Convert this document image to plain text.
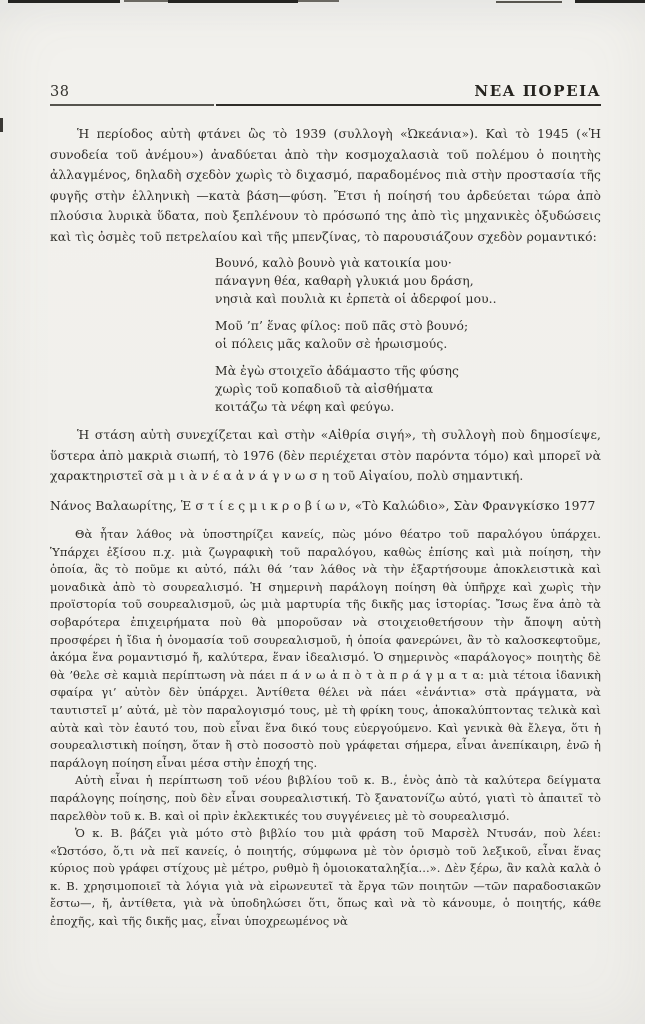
38	ΝΕΑ ΠΟΡΕΙΑ

Ἡ περίοδος αὐτὴ φτάνει ὣς τὸ 1939 (συλλογὴ «Ὠκεάνια»). Καὶ τὸ 1945 («Ἡ συνοδεία τοῦ ἀνέμου») ἀναδύεται ἀπὸ τὴν κοσμοχαλασιὰ τοῦ πολέμου ὁ ποιητὴς ἀλλαγμένος, δηλαδὴ σχεδὸν χωρὶς τὸ διχασμό, παραδομένος πιὰ στὴν προστασία τῆς φυγῆς στὴν ἑλληνικὴ —κατὰ βάση—φύση. Ἔτσι ἡ ποίησή του ἀρδεύεται τώρα ἀπὸ πλούσια λυρικὰ ὕδατα, ποὺ ξεπλένουν τὸ πρόσωπό της ἀπὸ τὶς μηχανικὲς ὀξυδώσεις καὶ τὶς ὀσμὲς τοῦ πετρελαίου καὶ τῆς μπενζίνας, τὸ παρουσιάζουν σχεδὸν ρομαντικό:

Βουνό, καλὸ βουνὸ γιὰ κατοικία μου·
πάναγνη θέα, καθαρὴ γλυκιά μου δράση,
νησιὰ καὶ πουλιὰ κι ἑρπετὰ οἱ ἀδερφοί μου..
Μοῦ ’π’ ἕνας φίλος: ποῦ πᾶς στὸ βουνό;
οἱ πόλεις μᾶς καλοῦν σὲ ἡρωισμούς.
Μὰ ἐγὼ στοιχεῖο ἀδάμαστο τῆς φύσης
χωρὶς τοῦ κοπαδιοῦ τὰ αἰσθήματα
κοιτάζω τὰ νέφη καὶ φεύγω.

Ἡ στάση αὐτὴ συνεχίζεται καὶ στὴν «Αἰθρία σιγή», τὴ συλλογὴ ποὺ δημοσίεψε, ὕστερα ἀπὸ μακριὰ σιωπή, τὸ 1976 (δὲν περιέχεται στὸν παρόντα τόμο) καὶ μπορεῖ νὰ χαρακτηριστεῖ σὰ μ ι ὰ ν έ α ἀ ν ά γ ν ω σ η τοῦ Αἰγαίου, πολὺ σημαντική.

Νάνος Βαλαωρίτης, Ἑ σ τ ί ε ς μ ι κ ρ ο β ί ω ν, «Τὸ Καλώδιο», Σὰν Φρανγκίσκο 1977

Θὰ ἦταν λάθος νὰ ὑποστηρίζει κανείς, πὼς μόνο θέατρο τοῦ παραλόγου ὑπάρχει. Ὑπάρχει ἐξίσου π.χ. μιὰ ζωγραφικὴ τοῦ παραλόγου, καθὼς ἐπίσης καὶ μιὰ ποίηση, τὴν ὁποία, ἂς τὸ ποῦμε κι αὐτό, πάλι θά ’ταν λάθος νὰ τὴν ἐξαρτήσουμε ἀποκλειστικὰ καὶ μοναδικὰ ἀπὸ τὸ σουρεαλισμό. Ἡ σημερινὴ παράλογη ποίηση θὰ ὑπῆρχε καὶ χωρὶς τὴν προϊστορία τοῦ σουρεαλισμοῦ, ὡς μιὰ μαρτυρία τῆς δικῆς μας ἱστορίας. Ἴσως ἕνα ἀπὸ τὰ σοβαρότερα ἐπιχειρήματα ποὺ θὰ μποροῦσαν νὰ στοιχειοθετήσουν τὴν ἄποψη αὐτὴ προσφέρει ἡ ἴδια ἡ ὀνομασία τοῦ σουρεαλισμοῦ, ἡ ὁποία φανερώνει, ἂν τὸ καλοσκεφτοῦμε, ἀκόμα ἕνα ρομαντισμό ἤ, καλύτερα, ἕναν ἰδεαλισμό. Ὁ σημερινὸς «παράλογος» ποιητὴς δὲ θὰ ’θελε σὲ καμιὰ περίπτωση νὰ πάει π ά ν ω ἀ π ὸ τ ὰ π ρ ά γ μ α τ α: μιὰ τέτοια ἰδανικὴ σφαίρα γι’ αὐτὸν δὲν ὑπάρχει. Ἀντίθετα θέλει νὰ πάει «ἐνάντια» στὰ πράγματα, νὰ ταυτιστεῖ μ’ αὐτά, μὲ τὸν παραλογισμό τους, μὲ τὴ φρίκη τους, ἀποκαλύπτοντας τελικὰ καὶ αὐτὰ καὶ τὸν ἑαυτό του, ποὺ εἶναι ἕνα δικό τους εὐεργούμενο. Καὶ γενικὰ θὰ ἔλεγα, ὅτι ἡ σουρεαλιστικὴ ποίηση, ὅταν ἢ στὸ ποσοστὸ ποὺ γράφεται σήμερα, εἶναι ἀνεπίκαιρη, ἐνῶ ἡ παράλογη ποίηση εἶναι μέσα στὴν ἐποχή της.

Αὐτὴ εἶναι ἡ περίπτωση τοῦ νέου βιβλίου τοῦ κ. Β., ἑνὸς ἀπὸ τὰ καλύτερα δείγματα παράλογης ποίησης, ποὺ δὲν εἶναι σουρεαλιστική. Τὸ ξανατονίζω αὐτό, γιατὶ τὸ ἀπαιτεῖ τὸ παρελθὸν τοῦ κ. Β. καὶ οἱ πρὶν ἐκλεκτικές του συγγένειες μὲ τὸ σουρεαλισμό.

Ὁ κ. Β. βάζει γιὰ μότο στὸ βιβλίο του μιὰ φράση τοῦ Μαρσὲλ Ντυσάν, ποὺ λέει: «Ὡστόσο, ὅ,τι νὰ πεῖ κανείς, ὁ ποιητής, σύμφωνα μὲ τὸν ὁρισμὸ τοῦ λεξικοῦ, εἶναι ἕνας κύριος ποὺ γράφει στίχους μὲ μέτρο, ρυθμὸ ἢ ὁμοιοκαταληξία...». Δὲν ξέρω, ἂν καλὰ καλὰ ὁ κ. Β. χρησιμοποιεῖ τὰ λόγια γιὰ νὰ εἰρωνευτεῖ τὰ ἔργα τῶν ποιητῶν —τῶν παραδοσιακῶν ἔστω—, ἤ, ἀντίθετα, γιὰ νὰ ὑποδηλώσει ὅτι, ὅπως καὶ νὰ τὸ κάνουμε, ὁ ποιητής, κάθε ἐποχῆς, καὶ τῆς δικῆς μας, εἶναι ὑποχρεωμένος νὰ
